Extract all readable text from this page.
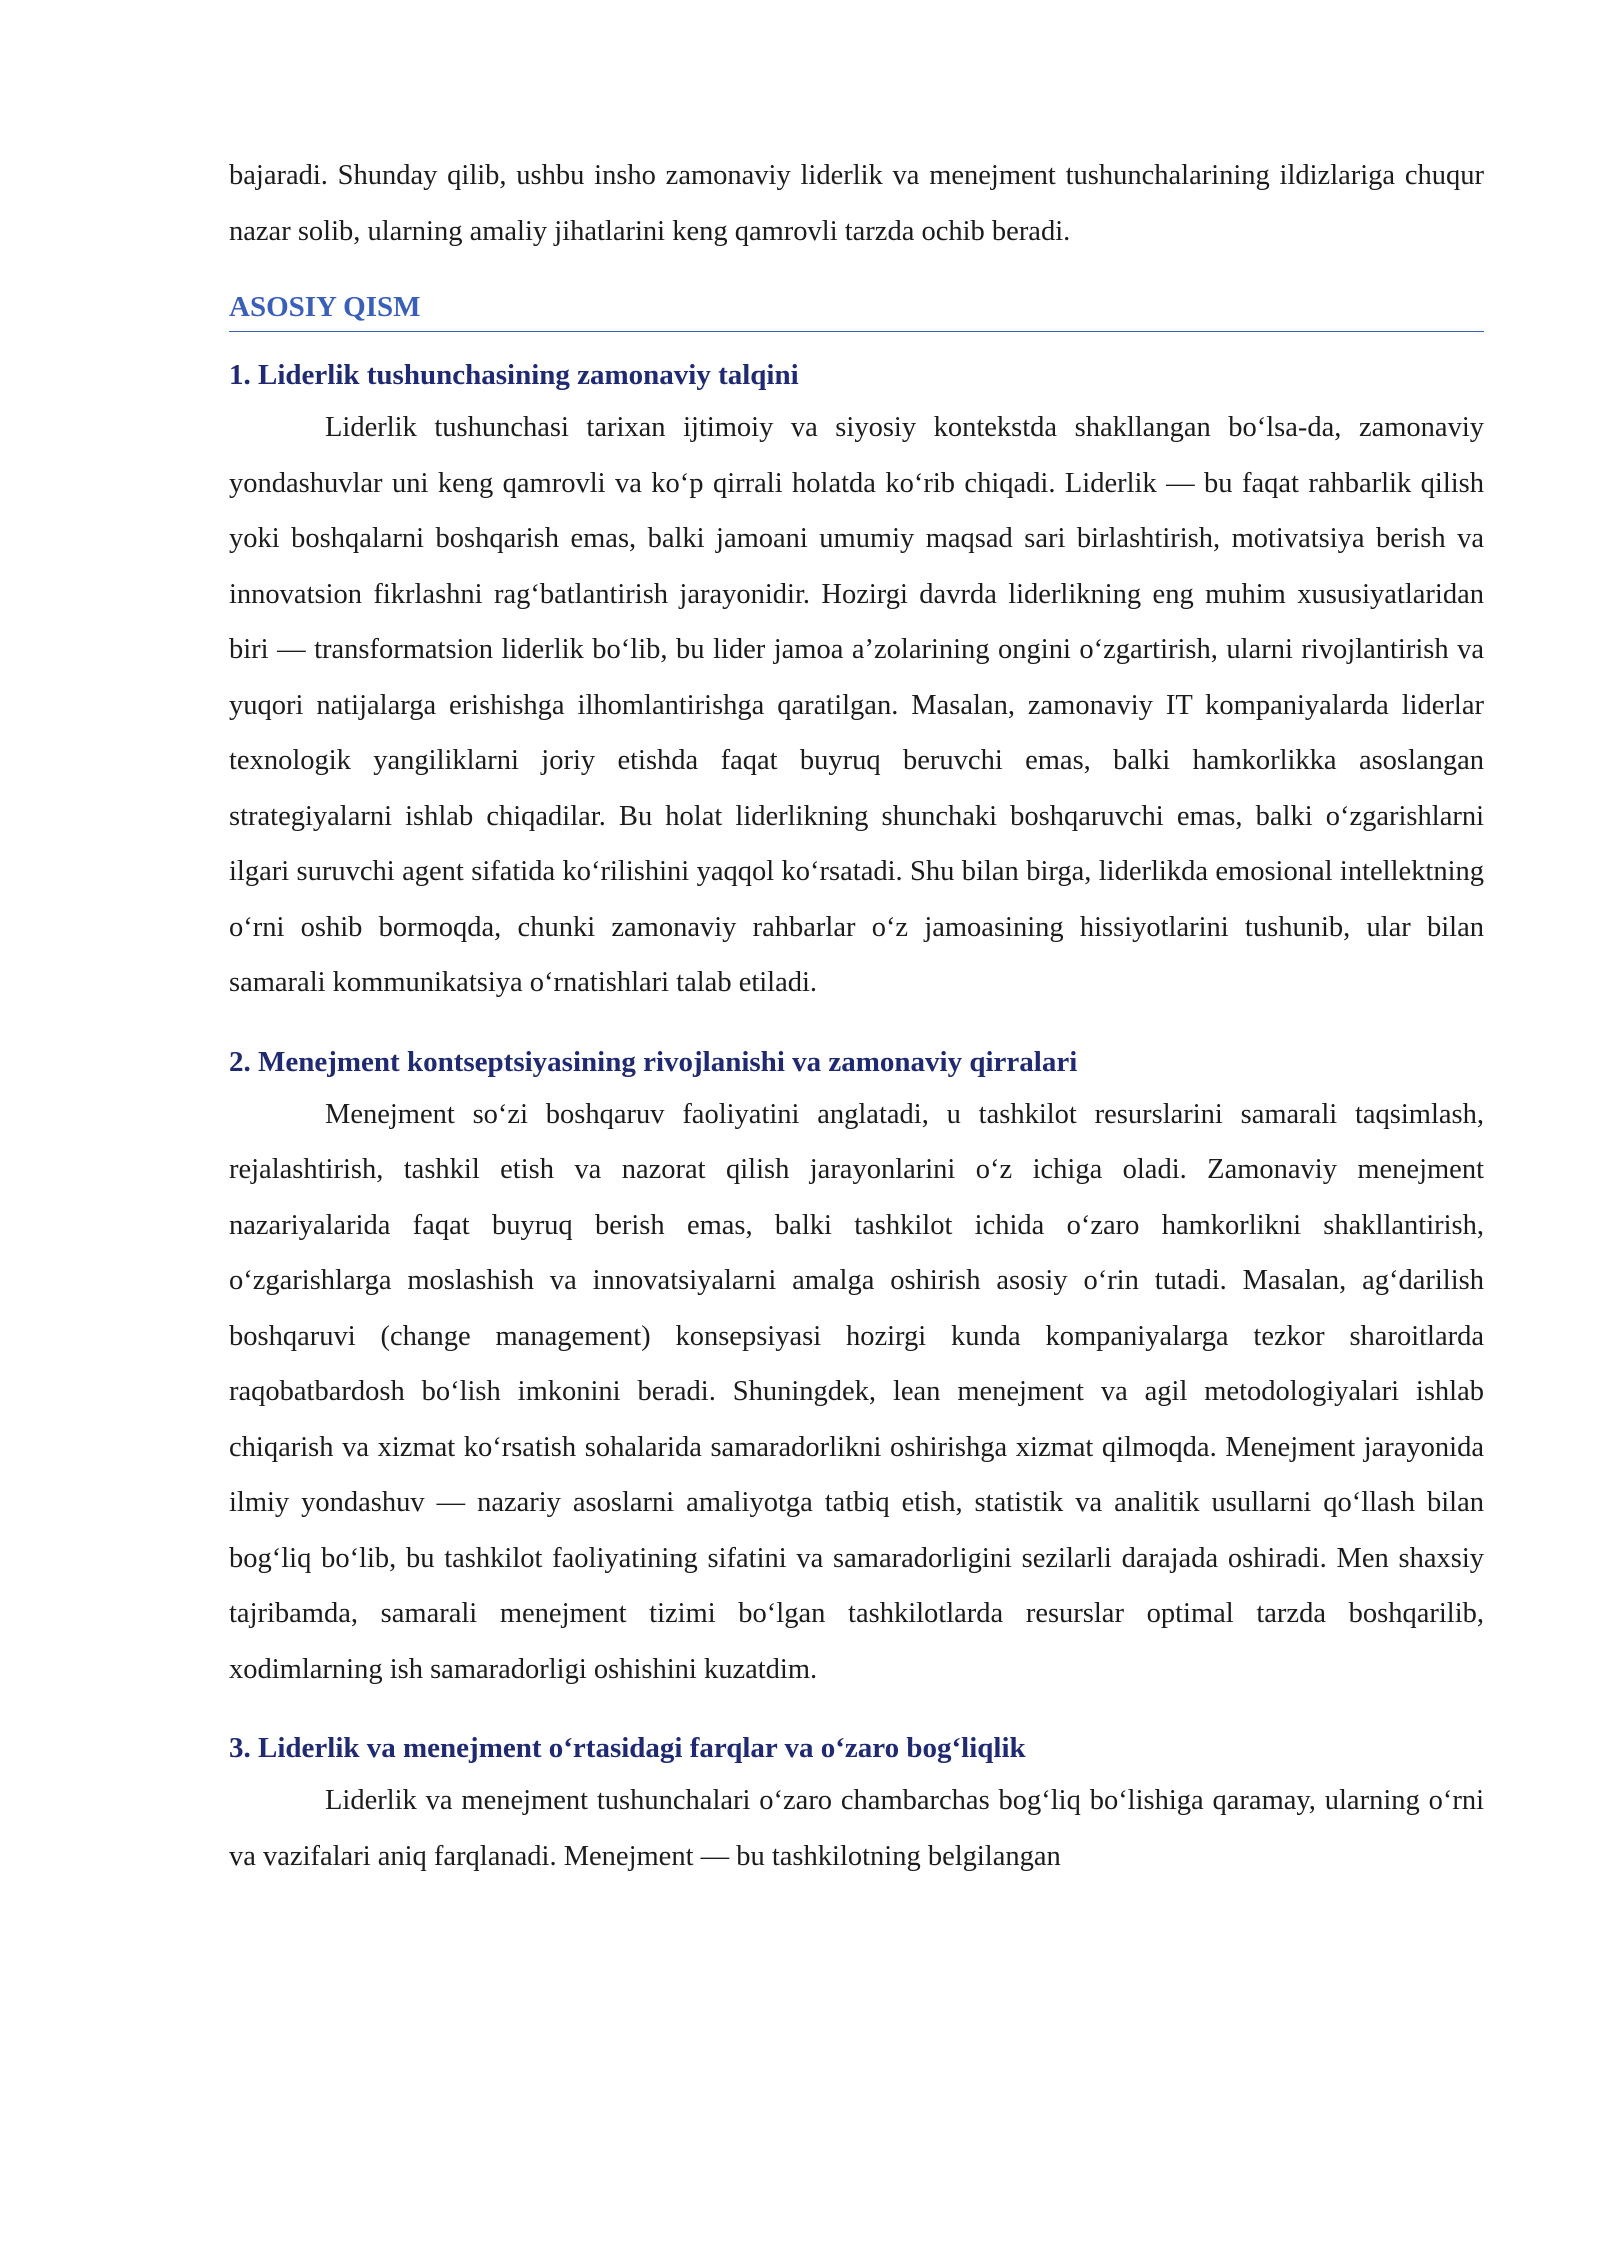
bajaradi. Shunday qilib, ushbu insho zamonaviy liderlik va menejment tushunchalarining ildizlariga chuqur nazar solib, ularning amaliy jihatlarini keng qamrovli tarzda ochib beradi.

ASOSIY QISM
1. Liderlik tushunchasining zamonaviy talqini

Liderlik tushunchasi tarixan ijtimoiy va siyosiy kontekstda shakllangan bo‘lsa-da, zamonaviy yondashuvlar uni keng qamrovli va ko‘p qirrali holatda ko‘rib chiqadi. Liderlik — bu faqat rahbarlik qilish yoki boshqalarni boshqarish emas, balki jamoani umumiy maqsad sari birlashtirish, motivatsiya berish va innovatsion fikrlashni rag‘batlantirish jarayonidir. Hozirgi davrda liderlikning eng muhim xususiyatlaridan biri — transformatsion liderlik bo‘lib, bu lider jamoa a’zolarining ongini o‘zgartirish, ularni rivojlantirish va yuqori natijalarga erishishga ilhomlantirishga qaratilgan. Masalan, zamonaviy IT kompaniyalarda liderlar texnologik yangiliklarni joriy etishda faqat buyruq beruvchi emas, balki hamkorlikka asoslangan strategiyalarni ishlab chiqadilar. Bu holat liderlikning shunchaki boshqaruvchi emas, balki o‘zgarishlarni ilgari suruvchi agent sifatida ko‘rilishini yaqqol ko‘rsatadi. Shu bilan birga, liderlikda emosional intellektning o‘rni oshib bormoqda, chunki zamonaviy rahbarlar o‘z jamoasining hissiyotlarini tushunib, ular bilan samarali kommunikatsiya o‘rnatishlari talab etiladi.

2. Menejment kontseptsiyasining rivojlanishi va zamonaviy qirralari

Menejment so‘zi boshqaruv faoliyatini anglatadi, u tashkilot resurslarini samarali taqsimlash, rejalashtirish, tashkil etish va nazorat qilish jarayonlarini o‘z ichiga oladi. Zamonaviy menejment nazariyalarida faqat buyruq berish emas, balki tashkilot ichida o‘zaro hamkorlikni shakllantirish, o‘zgarishlarga moslashish va innovatsiyalarni amalga oshirish asosiy o‘rin tutadi. Masalan, ag‘darilish boshqaruvi (change management) konsepsiyasi hozirgi kunda kompaniyalarga tezkor sharoitlarda raqobatbardosh bo‘lish imkonini beradi. Shuningdek, lean menejment va agil metodologiyalari ishlab chiqarish va xizmat ko‘rsatish sohalarida samaradorlikni oshirishga xizmat qilmoqda. Menejment jarayonida ilmiy yondashuv — nazariy asoslarni amaliyotga tatbiq etish, statistik va analitik usullarni qo‘llash bilan bog‘liq bo‘lib, bu tashkilot faoliyatining sifatini va samaradorligini sezilarli darajada oshiradi. Men shaxsiy tajribamda, samarali menejment tizimi bo‘lgan tashkilotlarda resurslar optimal tarzda boshqarilib, xodimlarning ish samaradorligi oshishini kuzatdim.

3. Liderlik va menejment o‘rtasidagi farqlar va o‘zaro bog‘liqlik

Liderlik va menejment tushunchalari o‘zaro chambarchas bog‘liq bo‘lishiga qaramay, ularning o‘rni va vazifalari aniq farqlanadi. Menejment — bu tashkilotning belgilangan
